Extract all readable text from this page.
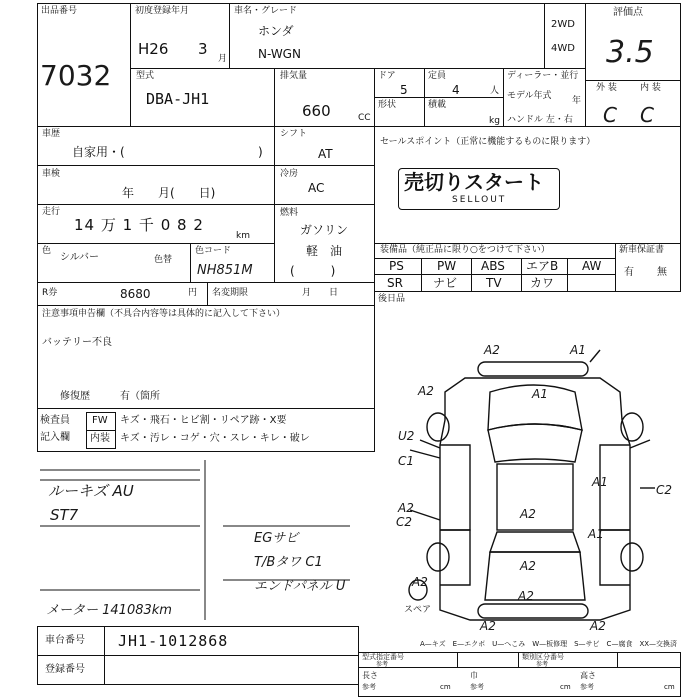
出品番号
7032
初度登録年月
H26 3
月
車名・グレード
ホンダ
N-WGN
2WD
4WD
評価点
3.5
型式
DBA-JH1
排気量
660	CC
ドア
5
定員
4	人
形状	積載
kg
ディーラー・並行
モデル年式 年
ハンドル 左・右
外 装	内 装
C C
車歴
自家用・(	)
シフト
AT
車検
年　　月(　　日)
冷房
AC
走行
14 万 1 千 0 8 2
km
燃料
ガソリン
軽　油
(　　　)
色
シルバー	色替
色コード
NH851M
R券	8680	円 名変期限	月　　日
セールスポイント（正常に機能するものに限ります）
売切りスタート
SELLOUT
装備品（純正品に限り○をつけて下さい）	新車保証書
有 無
PS	PW ABS エアB AW
SR	ナビ TV カワ
後日品
注意事項申告欄（不具合内容等は具体的に記入して下さい）
バッテリー不良
修復歴	有（箇所
検査員
記入欄
FW
内装
キズ・飛石・ヒビ割・リペア跡・X要
キズ・汚レ・コゲ・穴・スレ・キレ・破レ
ルーキズ AU
ST7
EGサビ
T/Bタワ C1
エンドパネル U
メーター 141083km
A2	A1
A2	A1
U2
C1
A2
A1
C2
A2
C2
A2
A1
A2
A2
A2	A2
スペア
A—キズ　E—エクボ　U—へこみ　W—板修理　S—サビ　C—腐食　XX—交換済
車台番号 JH1-1012868
登録番号
型式指定番号
参考
類別区分番号
参考
長さ
参考	cm
巾
参考	cm
高さ
参考	cm
